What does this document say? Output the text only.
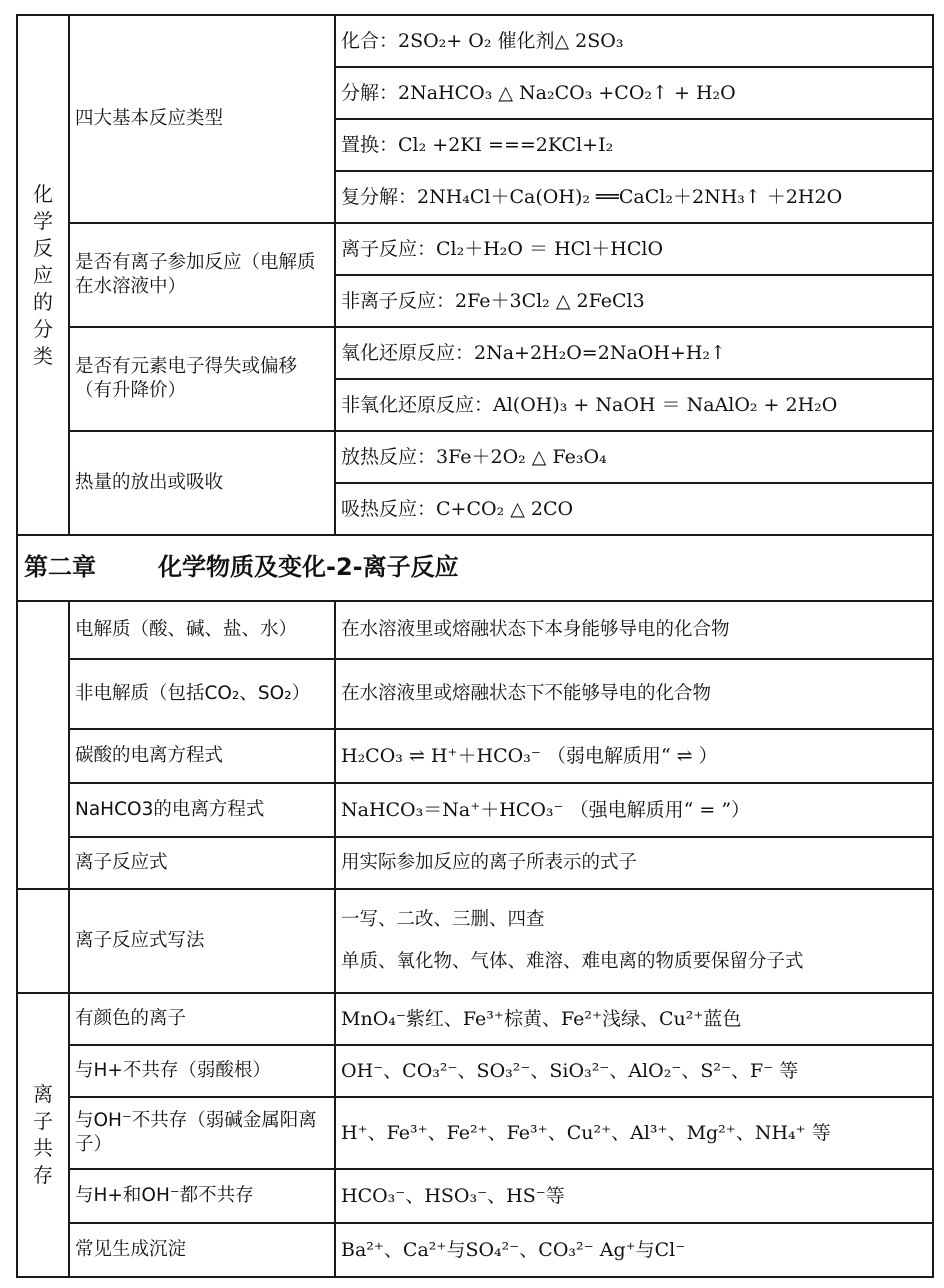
化学反应的分类	四大基本反应类型	化合：2SO₂+ O₂ 催化剂△ 2SO₃
		分解：2NaHCO₃ △ Na₂CO₃ +CO₂↑ + H₂O
		置换：Cl₂ +2KI ===2KCl+I₂
		复分解：2NH₄Cl＋Ca(OH)₂ ══CaCl₂＋2NH₃↑ ＋2H2O
	是否有离子参加反应（电解质在水溶液中）	离子反应：Cl₂＋H₂O ＝ HCl＋HClO
		非离子反应：2Fe＋3Cl₂ △ 2FeCl3
	是否有元素电子得失或偏移（有升降价）	氧化还原反应：2Na+2H₂O=2NaOH+H₂↑
		非氧化还原反应：Al(OH)₃ + NaOH ＝ NaAlO₂ + 2H₂O
	热量的放出或吸收	放热反应：3Fe＋2O₂ △ Fe₃O₄
		吸热反应：C+CO₂ △ 2CO
第二章 化学物质及变化-2-离子反应		
	电解质（酸、碱、盐、水）	在水溶液里或熔融状态下本身能够导电的化合物
	非电解质（包括CO₂、SO₂）	在水溶液里或熔融状态下不能够导电的化合物
	碳酸的电离方程式	H₂CO₃ ⇌ H⁺＋HCO₃⁻ （弱电解质用“ ⇌ ）
	NaHCO3的电离方程式	NaHCO₃＝Na⁺＋HCO₃⁻ （强电解质用“ = ”）
	离子反应式	用实际参加反应的离子所表示的式子
	离子反应式写法	一写、二改、三删、四查
单质、氧化物、气体、难溶、难电离的物质要保留分子式

离子共存	有颜色的离子	MnO₄⁻紫红、Fe³⁺棕黄、Fe²⁺浅绿、Cu²⁺蓝色
	与H+不共存（弱酸根）	OH⁻、CO₃²⁻、SO₃²⁻、SiO₃²⁻、AlO₂⁻、S²⁻、F⁻ 等
	与OH⁻不共存（弱碱金属阳离子）	H⁺、Fe³⁺、Fe²⁺、Fe³⁺、Cu²⁺、Al³⁺、Mg²⁺、NH₄⁺ 等
	与H+和OH⁻都不共存	HCO₃⁻、HSO₃⁻、HS⁻等
	常见生成沉淀	Ba²⁺、Ca²⁺与SO₄²⁻、CO₃²⁻ Ag⁺与Cl⁻
